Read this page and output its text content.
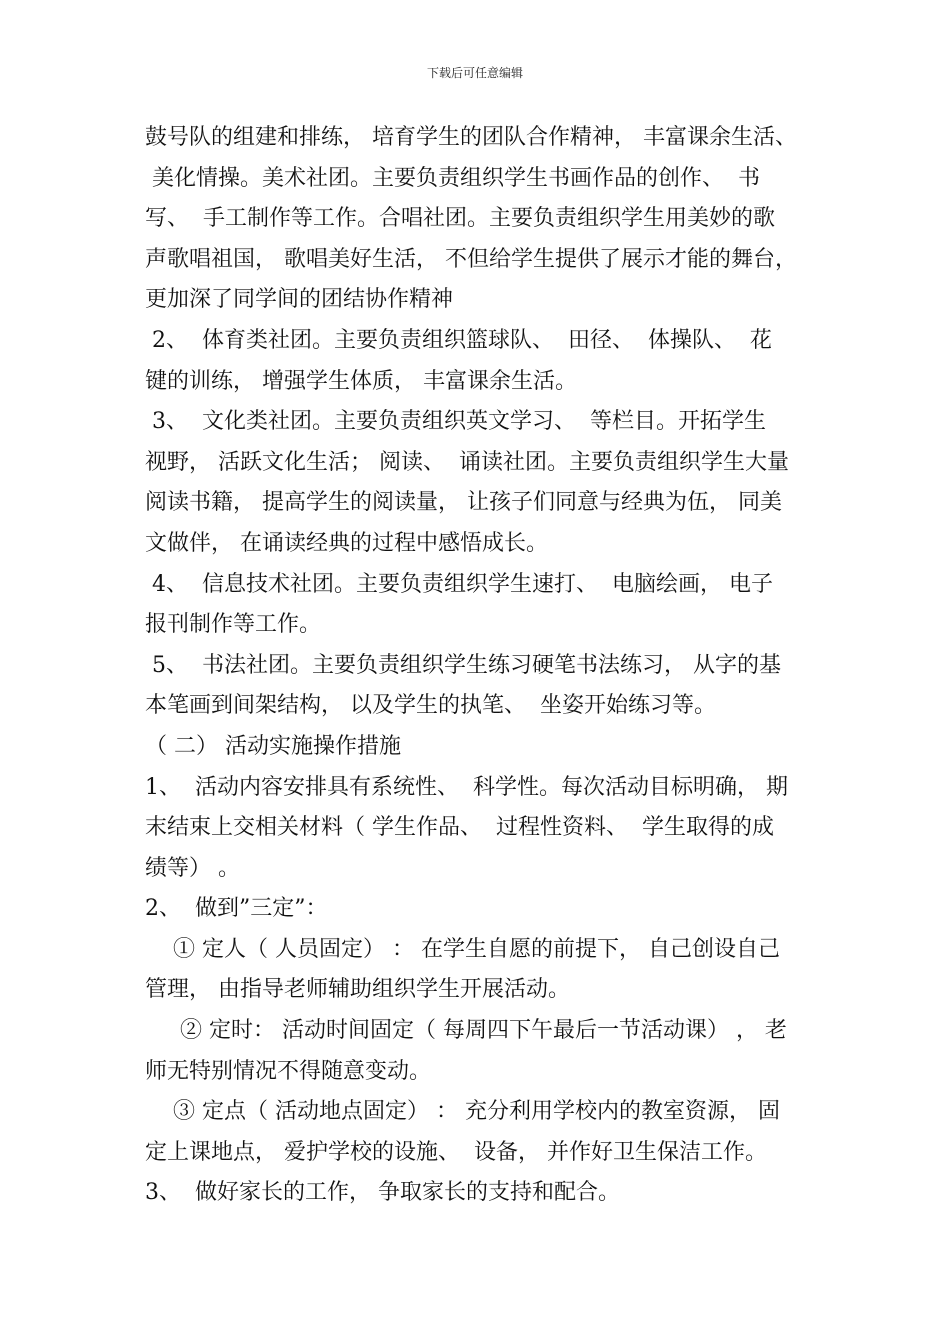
下载后可任意编辑
鼓号队的组建和排练， 培育学生的团队合作精神， 丰富课余生活、
美化情操。美术社团。主要负责组织学生书画作品的创作、  书
写、  手工制作等工作。合唱社团。主要负责组织学生用美妙的歌
声歌唱祖国， 歌唱美好生活， 不但给学生提供了展示才能的舞台，
更加深了同学间的团结协作精神
2、  体育类社团。主要负责组织篮球队、  田径、  体操队、  花
键的训练， 增强学生体质， 丰富课余生活。
3、  文化类社团。主要负责组织英文学习、  等栏目。开拓学生
视野， 活跃文化生活； 阅读、  诵读社团。主要负责组织学生大量
阅读书籍， 提高学生的阅读量， 让孩子们同意与经典为伍， 同美
文做伴， 在诵读经典的过程中感悟成长。
4、  信息技术社团。主要负责组织学生速打、  电脑绘画， 电子
报刊制作等工作。
5、  书法社团。主要负责组织学生练习硬笔书法练习， 从字的基
本笔画到间架结构， 以及学生的执笔、  坐姿开始练习等。
（ 二） 活动实施操作措施
1、  活动内容安排具有系统性、  科学性。每次活动目标明确， 期
末结束上交相关材料（ 学生作品、  过程性资料、  学生取得的成
绩等） 。
2、  做到”三定”：
① 定人（ 人员固定） ： 在学生自愿的前提下， 自己创设自己
管理， 由指导老师辅助组织学生开展活动。
② 定时： 活动时间固定（ 每周四下午最后一节活动课） ， 老
师无特别情况不得随意变动。
③ 定点（ 活动地点固定） ： 充分利用学校内的教室资源， 固
定上课地点， 爱护学校的设施、  设备， 并作好卫生保洁工作。
3、  做好家长的工作， 争取家长的支持和配合。
